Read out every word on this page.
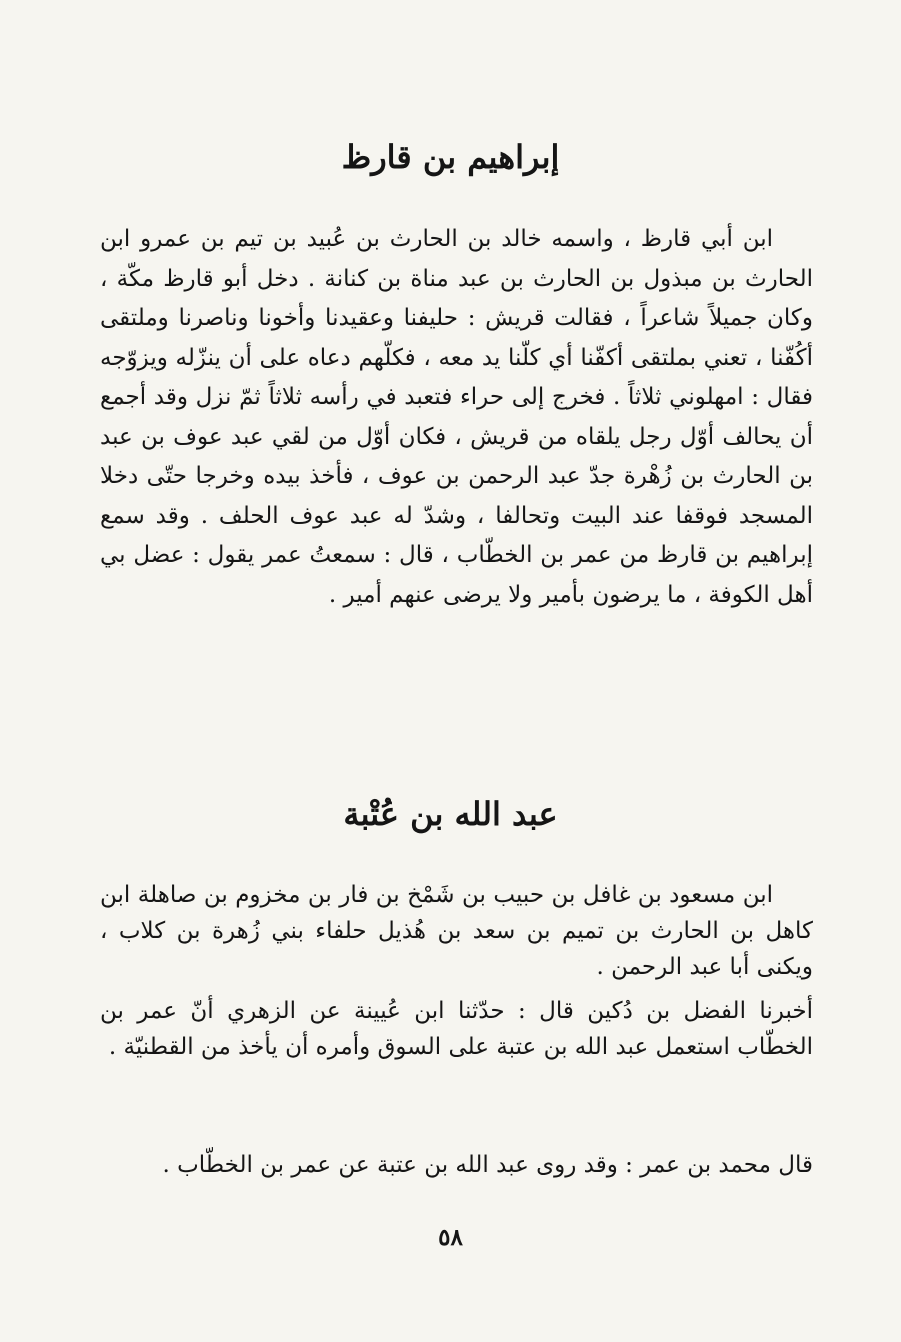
إبراهيم بن قارظ

ابن أبي قارظ ، واسمه خالد بن الحارث بن عُبيد بن تيم بن عمرو ابن الحارث بن مبذول بن الحارث بن عبد مناة بن كنانة . دخل أبو قارظ مكّة ، وكان جميلاً شاعراً ، فقالت قريش : حليفنا وعقيدنا وأخونا وناصرنا وملتقى أكُفّنا ، تعني بملتقى أكفّنا أي كلّنا يد معه ، فكلّهم دعاه على أن ينزّله ويزوّجه فقال : امهلوني ثلاثاً . فخرج إلى حراء فتعبد في رأسه ثلاثاً ثمّ نزل وقد أجمع أن يحالف أوّل رجل يلقاه من قريش ، فكان أوّل من لقي عبد عوف بن عبد بن الحارث بن زُهْرة جدّ عبد الرحمن بن عوف ، فأخذ بيده وخرجا حتّى دخلا المسجد فوقفا عند البيت وتحالفا ، وشدّ له عبد عوف الحلف . وقد سمع إبراهيم بن قارظ من عمر بن الخطّاب ، قال : سمعتُ عمر يقول : عضل بي أهل الكوفة ، ما يرضون بأمير ولا يرضى عنهم أمير .

عبد الله بن عُتْبة

ابن مسعود بن غافل بن حبيب بن شَمْخ بن فار بن مخزوم بن صاهلة ابن كاهل بن الحارث بن تميم بن سعد بن هُذيل حلفاء بني زُهرة بن كلاب ، ويكنى أبا عبد الرحمن .

أخبرنا الفضل بن دُكين قال : حدّثنا ابن عُيينة عن الزهري أنّ عمر بن الخطّاب استعمل عبد الله بن عتبة على السوق وأمره أن يأخذ من القطنيّة .

قال محمد بن عمر : وقد روى عبد الله بن عتبة عن عمر بن الخطّاب .

٥٨
